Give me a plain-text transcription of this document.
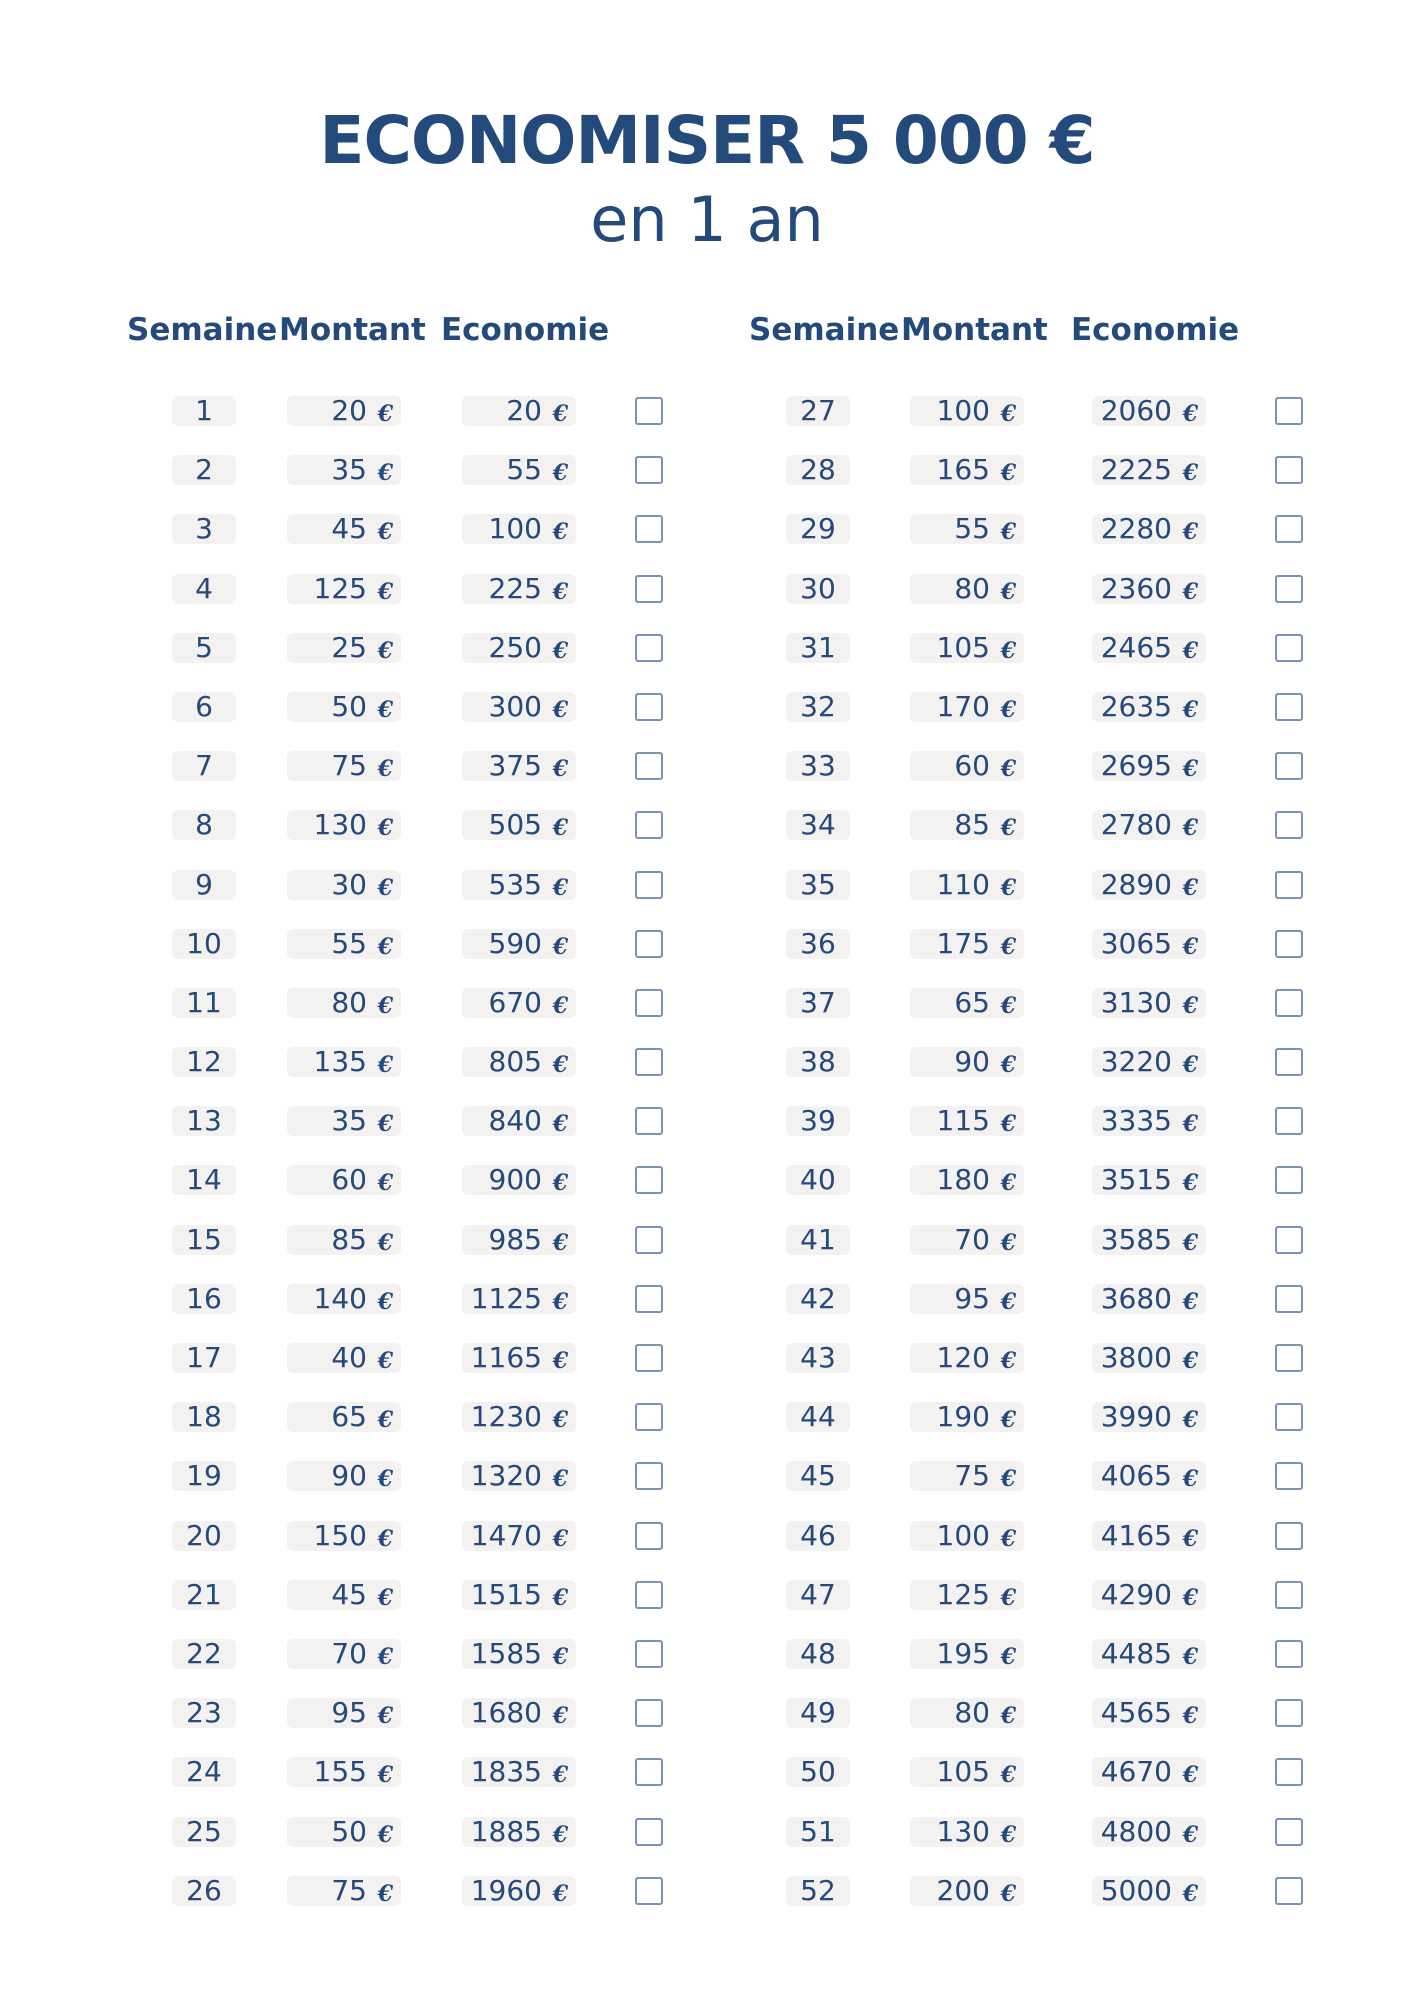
ECONOMISER 5 000 €
en 1 an
Semaine Montant Economie
1	20 €	20 €
2	35 €	55 €
3	45 €	100 €
4	125 €	225 €
5	25 €	250 €
6	50 €	300 €
7	75 €	375 €
8	130 €	505 €
9	30 €	535 €
10	55 €	590 €
11	80 €	670 €
12	135 €	805 €
13	35 €	840 €
14	60 €	900 €
15	85 €	985 €
16	140 €	1125 €
17	40 €	1165 €
18	65 €	1230 €
19	90 €	1320 €
20	150 €	1470 €
21	45 €	1515 €
22	70 €	1585 €
23	95 €	1680 €
24	155 €	1835 €
25	50 €	1885 €
26	75 €	1960 €
Semaine Montant Economie
27	100 €	2060 €
28	165 €	2225 €
29	55 €	2280 €
30	80 €	2360 €
31	105 €	2465 €
32	170 €	2635 €
33	60 €	2695 €
34	85 €	2780 €
35	110 €	2890 €
36	175 €	3065 €
37	65 €	3130 €
38	90 €	3220 €
39	115 €	3335 €
40	180 €	3515 €
41	70 €	3585 €
42	95 €	3680 €
43	120 €	3800 €
44	190 €	3990 €
45	75 €	4065 €
46	100 €	4165 €
47	125 €	4290 €
48	195 €	4485 €
49	80 €	4565 €
50	105 €	4670 €
51	130 €	4800 €
52	200 €	5000 €
